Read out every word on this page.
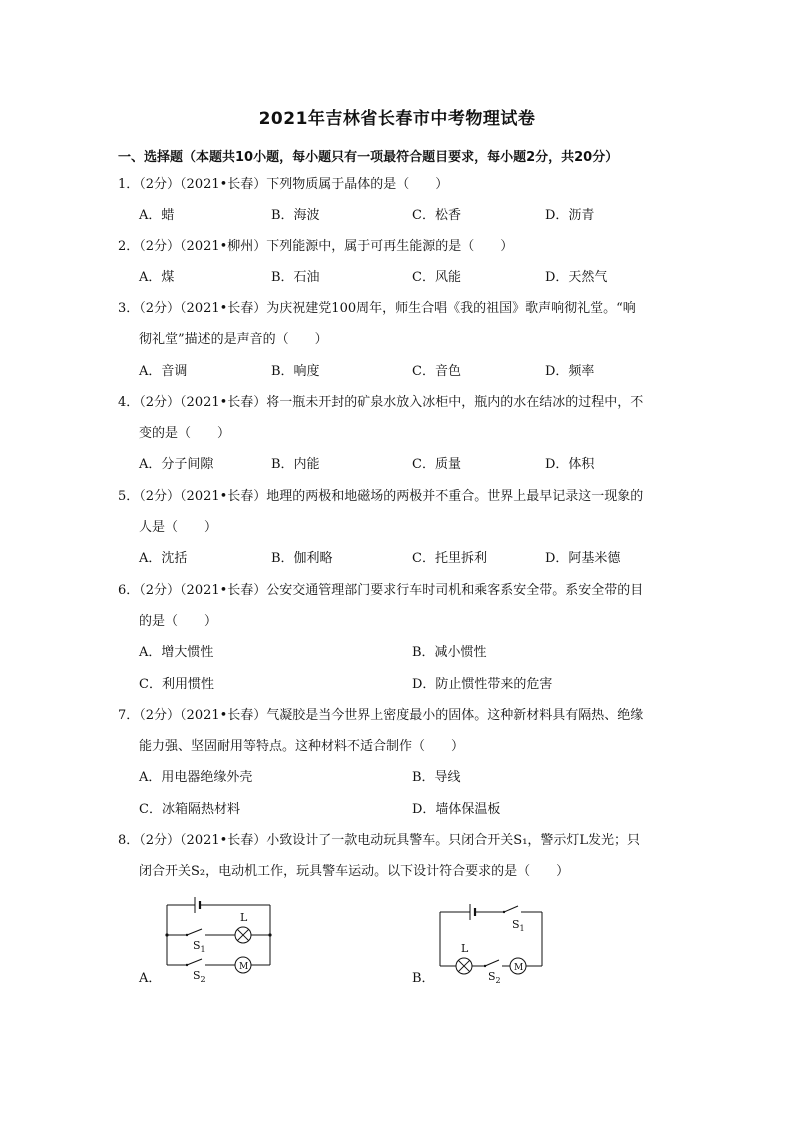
2021年吉林省长春市中考物理试卷
一、选择题（本题共10小题，每小题只有一项最符合题目要求，每小题2分，共20分）
1．（2分）（2021•长春）下列物质属于晶体的是（　　）
A．蜡	B．海波	C．松香	D．沥青
2．（2分）（2021•柳州）下列能源中，属于可再生能源的是（　　）
A．煤	B．石油	C．风能	D．天然气
3．（2分）（2021•长春）为庆祝建党100周年，师生合唱《我的祖国》歌声响彻礼堂。“响
彻礼堂”描述的是声音的（　　）
A．音调	B．响度	C．音色	D．频率
4．（2分）（2021•长春）将一瓶未开封的矿泉水放入冰柜中，瓶内的水在结冰的过程中，不
变的是（　　）
A．分子间隙	B．内能	C．质量	D．体积
5．（2分）（2021•长春）地理的两极和地磁场的两极并不重合。世界上最早记录这一现象的
人是（　　）
A．沈括	B．伽利略	C．托里拆利	D．阿基米德
6．（2分）（2021•长春）公安交通管理部门要求行车时司机和乘客系安全带。系安全带的目
的是（　　）
A．增大惯性	B．减小惯性
C．利用惯性	D．防止惯性带来的危害
7．（2分）（2021•长春）气凝胶是当今世界上密度最小的固体。这种新材料具有隔热、绝缘
能力强、坚固耐用等特点。这种材料不适合制作（　　）
A．用电器绝缘外壳	B．导线
C．冰箱隔热材料	D．墙体保温板
8．（2分）（2021•长春）小致设计了一款电动玩具警车。只闭合开关S₁，警示灯L发光；只
闭合开关S₂，电动机工作，玩具警车运动。以下设计符合要求的是（　　）
A．	B．
L
M
$S_1$
$S_2$
L
M
$S_1$
$S_2$
